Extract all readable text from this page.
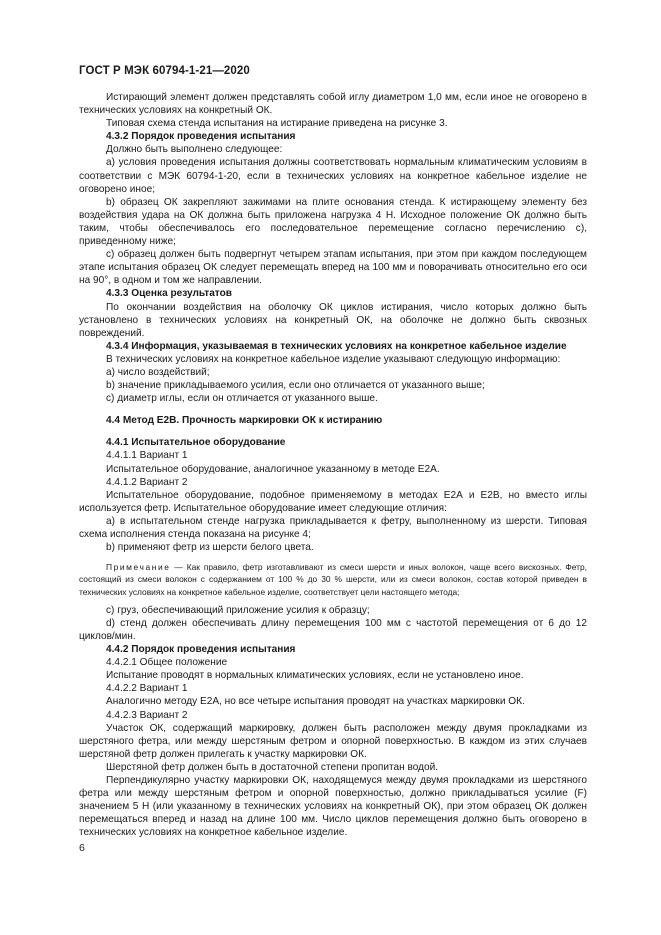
ГОСТ Р МЭК 60794-1-21—2020

Истирающий элемент должен представлять собой иглу диаметром 1,0 мм, если иное не оговорено в технических условиях на конкретный ОК.

Типовая схема стенда испытания на истирание приведена на рисунке 3.

4.3.2 Порядок проведения испытания

Должно быть выполнено следующее:

а) условия проведения испытания должны соответствовать нормальным климатическим условиям в соответствии с МЭК 60794-1-20, если в технических условиях на конкретное кабельное изделие не оговорено иное;

b) образец ОК закрепляют зажимами на плите основания стенда. К истирающему элементу без воздействия удара на ОК должна быть приложена нагрузка 4 Н. Исходное положение ОК должно быть таким, чтобы обеспечивалось его последовательное перемещение согласно перечислению с), приведенному ниже;

с) образец должен быть подвергнут четырем этапам испытания, при этом при каждом последующем этапе испытания образец ОК следует перемещать вперед на 100 мм и поворачивать относительно его оси на 90°, в одном и том же направлении.

4.3.3 Оценка результатов

По окончании воздействия на оболочку ОК циклов истирания, число которых должно быть установлено в технических условиях на конкретный ОК, на оболочке не должно быть сквозных повреждений.

4.3.4 Информация, указываемая в технических условиях на конкретное кабельное изделие

В технических условиях на конкретное кабельное изделие указывают следующую информацию:

а) число воздействий;

b) значение прикладываемого усилия, если оно отличается от указанного выше;

с) диаметр иглы, если он отличается от указанного выше.

4.4 Метод Е2В. Прочность маркировки ОК к истиранию

4.4.1 Испытательное оборудование

4.4.1.1 Вариант 1

Испытательное оборудование, аналогичное указанному в методе Е2А.

4.4.1.2 Вариант 2

Испытательное оборудование, подобное применяемому в методах Е2А и Е2В, но вместо иглы используется фетр. Испытательное оборудование имеет следующие отличия:

а) в испытательном стенде нагрузка прикладывается к фетру, выполненному из шерсти. Типовая схема исполнения стенда показана на рисунке 4;

b) применяют фетр из шерсти белого цвета.

Примечание — Как правило, фетр изготавливают из смеси шерсти и иных волокон, чаще всего вискозных. Фетр, состоящий из смеси волокон с содержанием от 100 % до 30 % шерсти, или из смеси волокон, состав которой приведен в технических условиях на конкретное кабельное изделие, соответствует цели настоящего метода;

с) груз, обеспечивающий приложение усилия к образцу;

d) стенд должен обеспечивать длину перемещения 100 мм с частотой перемещения от 6 до 12 циклов/мин.

4.4.2 Порядок проведения испытания

4.4.2.1 Общее положение

Испытание проводят в нормальных климатических условиях, если не установлено иное.

4.4.2.2 Вариант 1

Аналогично методу Е2А, но все четыре испытания проводят на участках маркировки ОК.

4.4.2.3 Вариант 2

Участок ОК, содержащий маркировку, должен быть расположен между двумя прокладками из шерстяного фетра, или между шерстяным фетром и опорной поверхностью. В каждом из этих случаев шерстяной фетр должен прилегать к участку маркировки ОК.

Шерстяной фетр должен быть в достаточной степени пропитан водой.

Перпендикулярно участку маркировки ОК, находящемуся между двумя прокладками из шерстяного фетра или между шерстяным фетром и опорной поверхностью, должно прикладываться усилие (F) значением 5 Н (или указанному в технических условиях на конкретный ОК), при этом образец ОК должен перемещаться вперед и назад на длине 100 мм. Число циклов перемещения должно быть оговорено в технических условиях на конкретное кабельное изделие.

6
